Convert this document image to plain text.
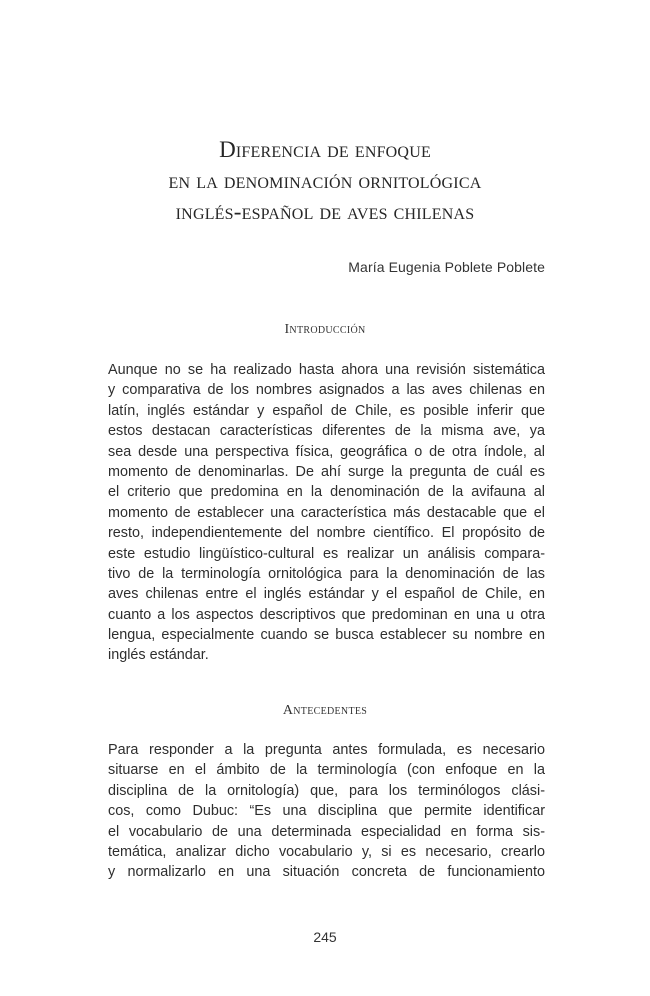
Diferencia de enfoque
en la denominación ornitológica
inglés-español de aves chilenas
María Eugenia Poblete Poblete
Introducción
Aunque no se ha realizado hasta ahora una revisión sistemática
y comparativa de los nombres asignados a las aves chilenas en
latín, inglés estándar y español de Chile, es posible inferir que
estos destacan características diferentes de la misma ave, ya
sea desde una perspectiva física, geográfica o de otra índole, al
momento de denominarlas. De ahí surge la pregunta de cuál es
el criterio que predomina en la denominación de la avifauna al
momento de establecer una característica más destacable que el
resto, independientemente del nombre científico. El propósito de
este estudio lingüístico-cultural es realizar un análisis compara-
tivo de la terminología ornitológica para la denominación de las
aves chilenas entre el inglés estándar y el español de Chile, en
cuanto a los aspectos descriptivos que predominan en una u otra
lengua, especialmente cuando se busca establecer su nombre en
inglés estándar.
Antecedentes
Para responder a la pregunta antes formulada, es necesario
situarse en el ámbito de la terminología (con enfoque en la
disciplina de la ornitología) que, para los terminólogos clási-
cos, como Dubuc: “Es una disciplina que permite identificar
el vocabulario de una determinada especialidad en forma sis-
temática, analizar dicho vocabulario y, si es necesario, crearlo
y normalizarlo en una situación concreta de funcionamiento
245
